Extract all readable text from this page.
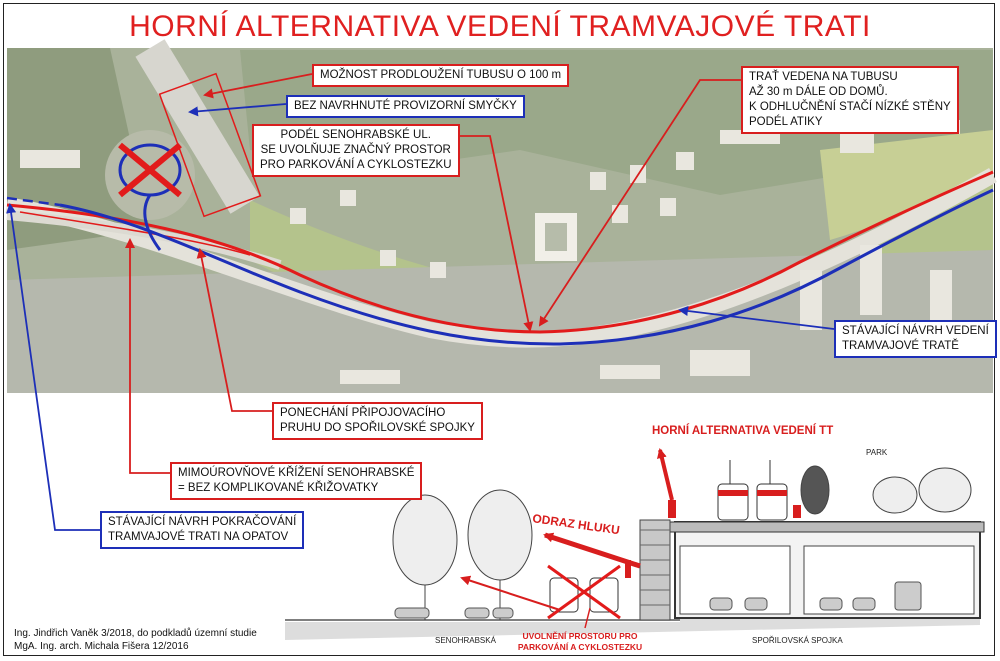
HORNÍ ALTERNATIVA VEDENÍ TRAMVAJOVÉ TRATI
HORNÍ ALTERNATIVA VEDENÍ TT
PARK
ODRAZ HLUKU
SENOHRABSKÁ	SPOŘILOVSKÁ SPOJKA
UVOLNĚNÍ PROSTORU PRO
PARKOVÁNÍ A CYKLOSTEZKU
MOŽNOST PRODLOUŽENÍ TUBUSU O 100 m
BEZ NAVRHNUTÉ PROVIZORNÍ SMYČKY
PODÉL SENOHRABSKÉ UL.
SE UVOLŇUJE ZNAČNÝ PROSTOR
PRO PARKOVÁNÍ A CYKLOSTEZKU
TRAŤ VEDENA NA TUBUSU
AŽ 30 m DÁLE OD DOMŮ.
K ODHLUČNĚNÍ STAČÍ NÍZKÉ STĚNY
PODÉL ATIKY
STÁVAJÍCÍ NÁVRH VEDENÍ
TRAMVAJOVÉ TRATĚ
PONECHÁNÍ PŘIPOJOVACÍHO
PRUHU DO SPOŘILOVSKÉ SPOJKY
MIMOÚROVŇOVÉ KŘÍŽENÍ SENOHRABSKÉ
= BEZ KOMPLIKOVANÉ KŘIŽOVATKY
STÁVAJÍCÍ NÁVRH POKRAČOVÁNÍ
TRAMVAJOVÉ TRATI NA OPATOV
Ing. Jindřich Vaněk 3/2018, do podkladů územní studie
MgA. Ing. arch. Michala Fišera 12/2016
